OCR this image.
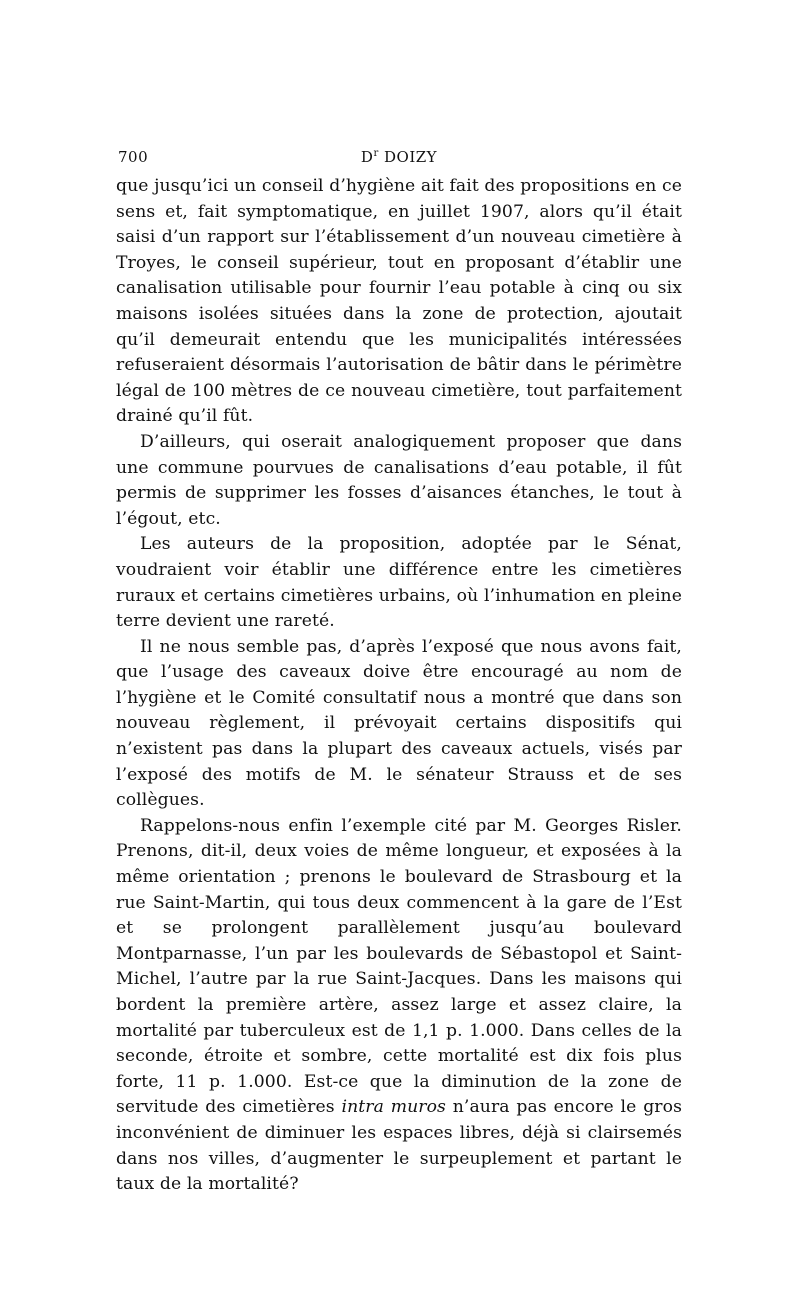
700	$D^r$ DOIZY

que jusqu’ici un conseil d’hygiène ait fait des propositions en ce sens et, fait symptomatique, en juillet 1907, alors qu’il était saisi d’un rapport sur l’établissement d’un nouveau cimetière à Troyes, le conseil supérieur, tout en proposant d’établir une canalisation utilisable pour fournir l’eau potable à cinq ou six maisons isolées situées dans la zone de protection, ajoutait qu’il demeurait entendu que les municipalités intéressées refuseraient désormais l’autorisation de bâtir dans le périmètre légal de 100 mètres de ce nouveau cimetière, tout parfaitement drainé qu’il fût.

D’ailleurs, qui oserait analogiquement proposer que dans une commune pourvues de canalisations d’eau potable, il fût permis de supprimer les fosses d’aisances étanches, le tout à l’égout, etc.

Les auteurs de la proposition, adoptée par le Sénat, voudraient voir établir une différence entre les cimetières ruraux et certains cimetières urbains, où l’inhumation en pleine terre devient une rareté.

Il ne nous semble pas, d’après l’exposé que nous avons fait, que l’usage des caveaux doive être encouragé au nom de l’hygiène et le Comité consultatif nous a montré que dans son nouveau règlement, il prévoyait certains dispositifs qui n’existent pas dans la plupart des caveaux actuels, visés par l’exposé des motifs de M. le sénateur Strauss et de ses collègues.

Rappelons-nous enfin l’exemple cité par M. Georges Risler. Prenons, dit-il, deux voies de même longueur, et exposées à la même orientation ; prenons le boulevard de Strasbourg et la rue Saint-Martin, qui tous deux commencent à la gare de l’Est et se prolongent parallèlement jusqu’au boulevard Montparnasse, l’un par les boulevards de Sébastopol et Saint-Michel, l’autre par la rue Saint-Jacques. Dans les maisons qui bordent la première artère, assez large et assez claire, la mortalité par tuberculeux est de 1,1 p. 1.000. Dans celles de la seconde, étroite et sombre, cette mortalité est dix fois plus forte, 11 p. 1.000. Est-ce que la diminution de la zone de servitude des cimetières intra muros n’aura pas encore le gros inconvénient de diminuer les espaces libres, déjà si clairsemés dans nos villes, d’augmenter le surpeuplement et partant le taux de la mortalité?
